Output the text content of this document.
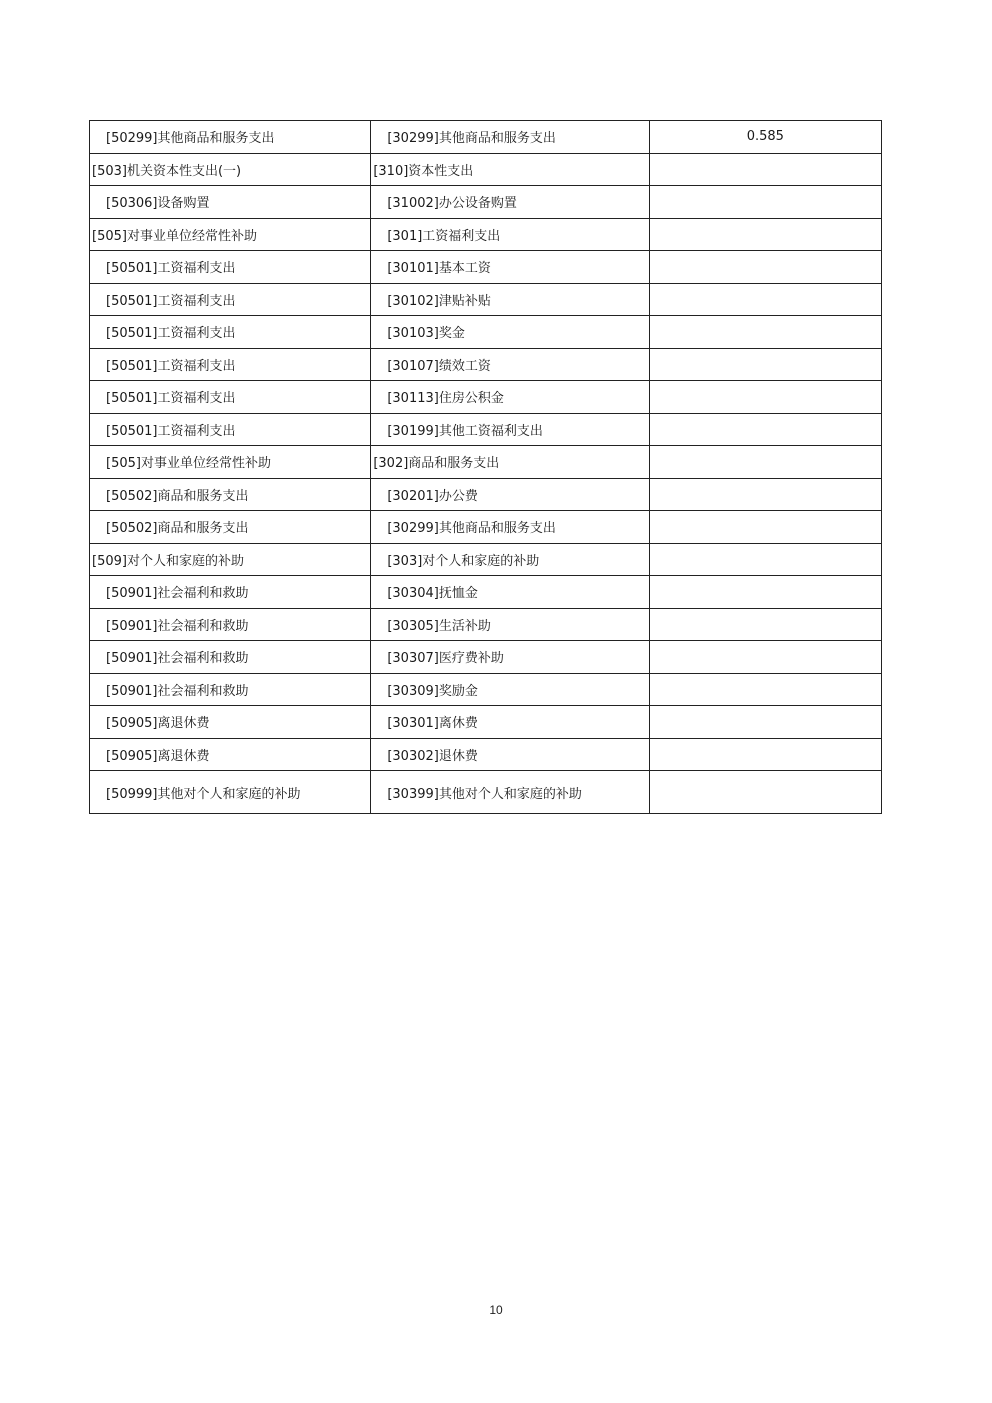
[50299]其他商品和服务支出	[30299]其他商品和服务支出	0.585
[503]机关资本性支出(一)	[310]资本性支出	
[50306]设备购置	[31002]办公设备购置	
[505]对事业单位经常性补助	[301]工资福利支出	
[50501]工资福利支出	[30101]基本工资	
[50501]工资福利支出	[30102]津贴补贴	
[50501]工资福利支出	[30103]奖金	
[50501]工资福利支出	[30107]绩效工资	
[50501]工资福利支出	[30113]住房公积金	
[50501]工资福利支出	[30199]其他工资福利支出	
[505]对事业单位经常性补助	[302]商品和服务支出	
[50502]商品和服务支出	[30201]办公费	
[50502]商品和服务支出	[30299]其他商品和服务支出	
[509]对个人和家庭的补助	[303]对个人和家庭的补助	
[50901]社会福利和救助	[30304]抚恤金	
[50901]社会福利和救助	[30305]生活补助	
[50901]社会福利和救助	[30307]医疗费补助	
[50901]社会福利和救助	[30309]奖励金	
[50905]离退休费	[30301]离休费	
[50905]离退休费	[30302]退休费	
[50999]其他对个人和家庭的补助	[30399]其他对个人和家庭的补助	
10
